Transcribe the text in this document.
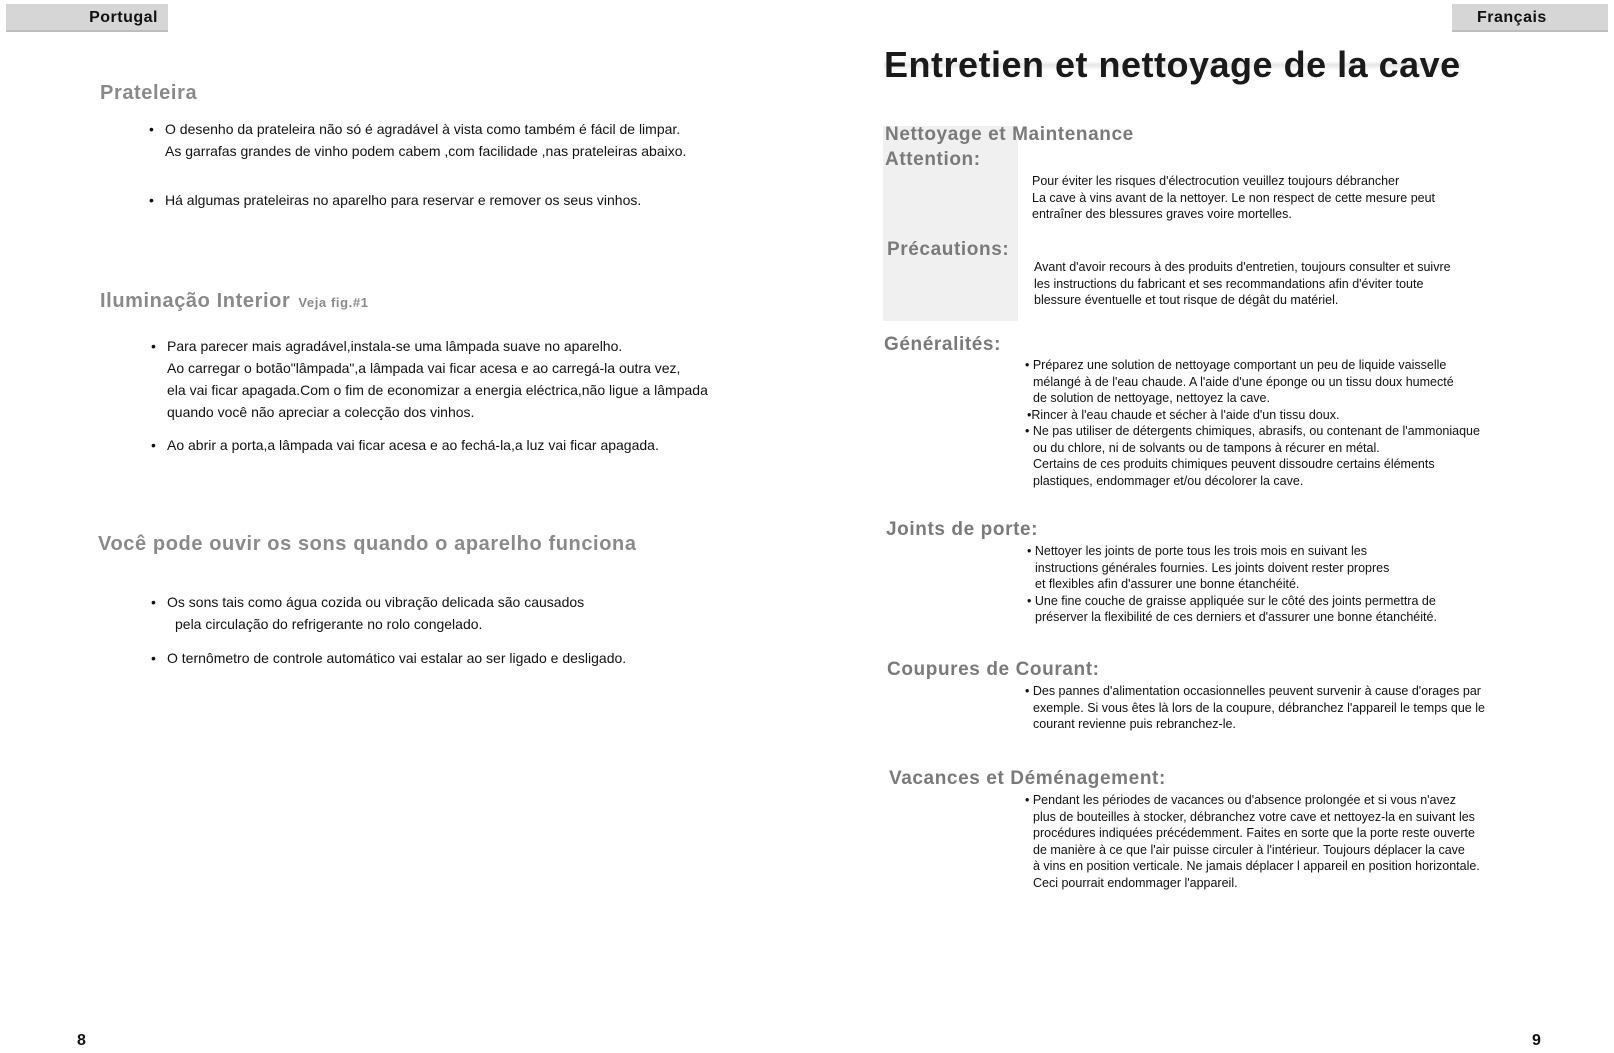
Portugal	Français
Prateleira
• O desenho da prateleira não só é agradável à vista como também é fácil de limpar.
As garrafas grandes de vinho podem cabem ,com facilidade ,nas prateleiras abaixo.
• Há algumas prateleiras no aparelho para reservar e remover os seus vinhos.
Iluminação Interior Veja fig.#1
• Para parecer mais agradável,instala-se uma lâmpada suave no aparelho.
Ao carregar o botão"lâmpada",a lâmpada vai ficar acesa e ao carregá-la outra vez,
ela vai ficar apagada.Com o fim de economizar a energia eléctrica,não ligue a lâmpada
quando você não apreciar a colecção dos vinhos.
• Ao abrir a porta,a lâmpada vai ficar acesa e ao fechá-la,a luz vai ficar apagada.
Você pode ouvir os sons quando o aparelho funciona
• Os sons tais como água cozida ou vibração delicada são causados
pela circulação do refrigerante no rolo congelado.
• O ternômetro de controle automático vai estalar ao ser ligado e desligado.
8
Entretien et nettoyage de la cave
Nettoyage et Maintenance
Attention:
Pour éviter les risques d'électrocution veuillez toujours débrancher
La cave à vins avant de la nettoyer. Le non respect de cette mesure peut
entraîner des blessures graves voire mortelles.
Précautions:
Avant d'avoir recours à des produits d'entretien, toujours consulter et suivre
les instructions du fabricant et ses recommandations afin d'éviter toute
blessure éventuelle et tout risque de dégât du matériel.
Généralités:
• Préparez une solution de nettoyage comportant un peu de liquide vaisselle
mélangé à de l'eau chaude. A l'aide d'une éponge ou un tissu doux humecté
de solution de nettoyage, nettoyez la cave.
•Rincer à l'eau chaude et sécher à l'aide d'un tissu doux.
• Ne pas utiliser de détergents chimiques, abrasifs, ou contenant de l'ammoniaque
ou du chlore, ni de solvants ou de tampons à récurer en métal.
Certains de ces produits chimiques peuvent dissoudre certains éléments
plastiques, endommager et/ou décolorer la cave.
Joints de porte:
• Nettoyer les joints de porte tous les trois mois en suivant les
instructions générales fournies. Les joints doivent rester propres
et flexibles afin d'assurer une bonne étanchéité.
• Une fine couche de graisse appliquée sur le côté des joints permettra de
préserver la flexibilité de ces derniers et d'assurer une bonne étanchéité.
Coupures de Courant:
• Des pannes d'alimentation occasionnelles peuvent survenir à cause d'orages par
exemple. Si vous êtes là lors de la coupure, débranchez l'appareil le temps que le
courant revienne puis rebranchez-le.
Vacances et Déménagement:
• Pendant les périodes de vacances ou d'absence prolongée et si vous n'avez
plus de bouteilles à stocker, débranchez votre cave et nettoyez-la en suivant les
procédures indiquées précédemment. Faites en sorte que la porte reste ouverte
de manière à ce que l'air puisse circuler à l'intérieur. Toujours déplacer la cave
à vins en position verticale. Ne jamais déplacer l appareil en position horizontale.
Ceci pourrait endommager l'appareil.
9
